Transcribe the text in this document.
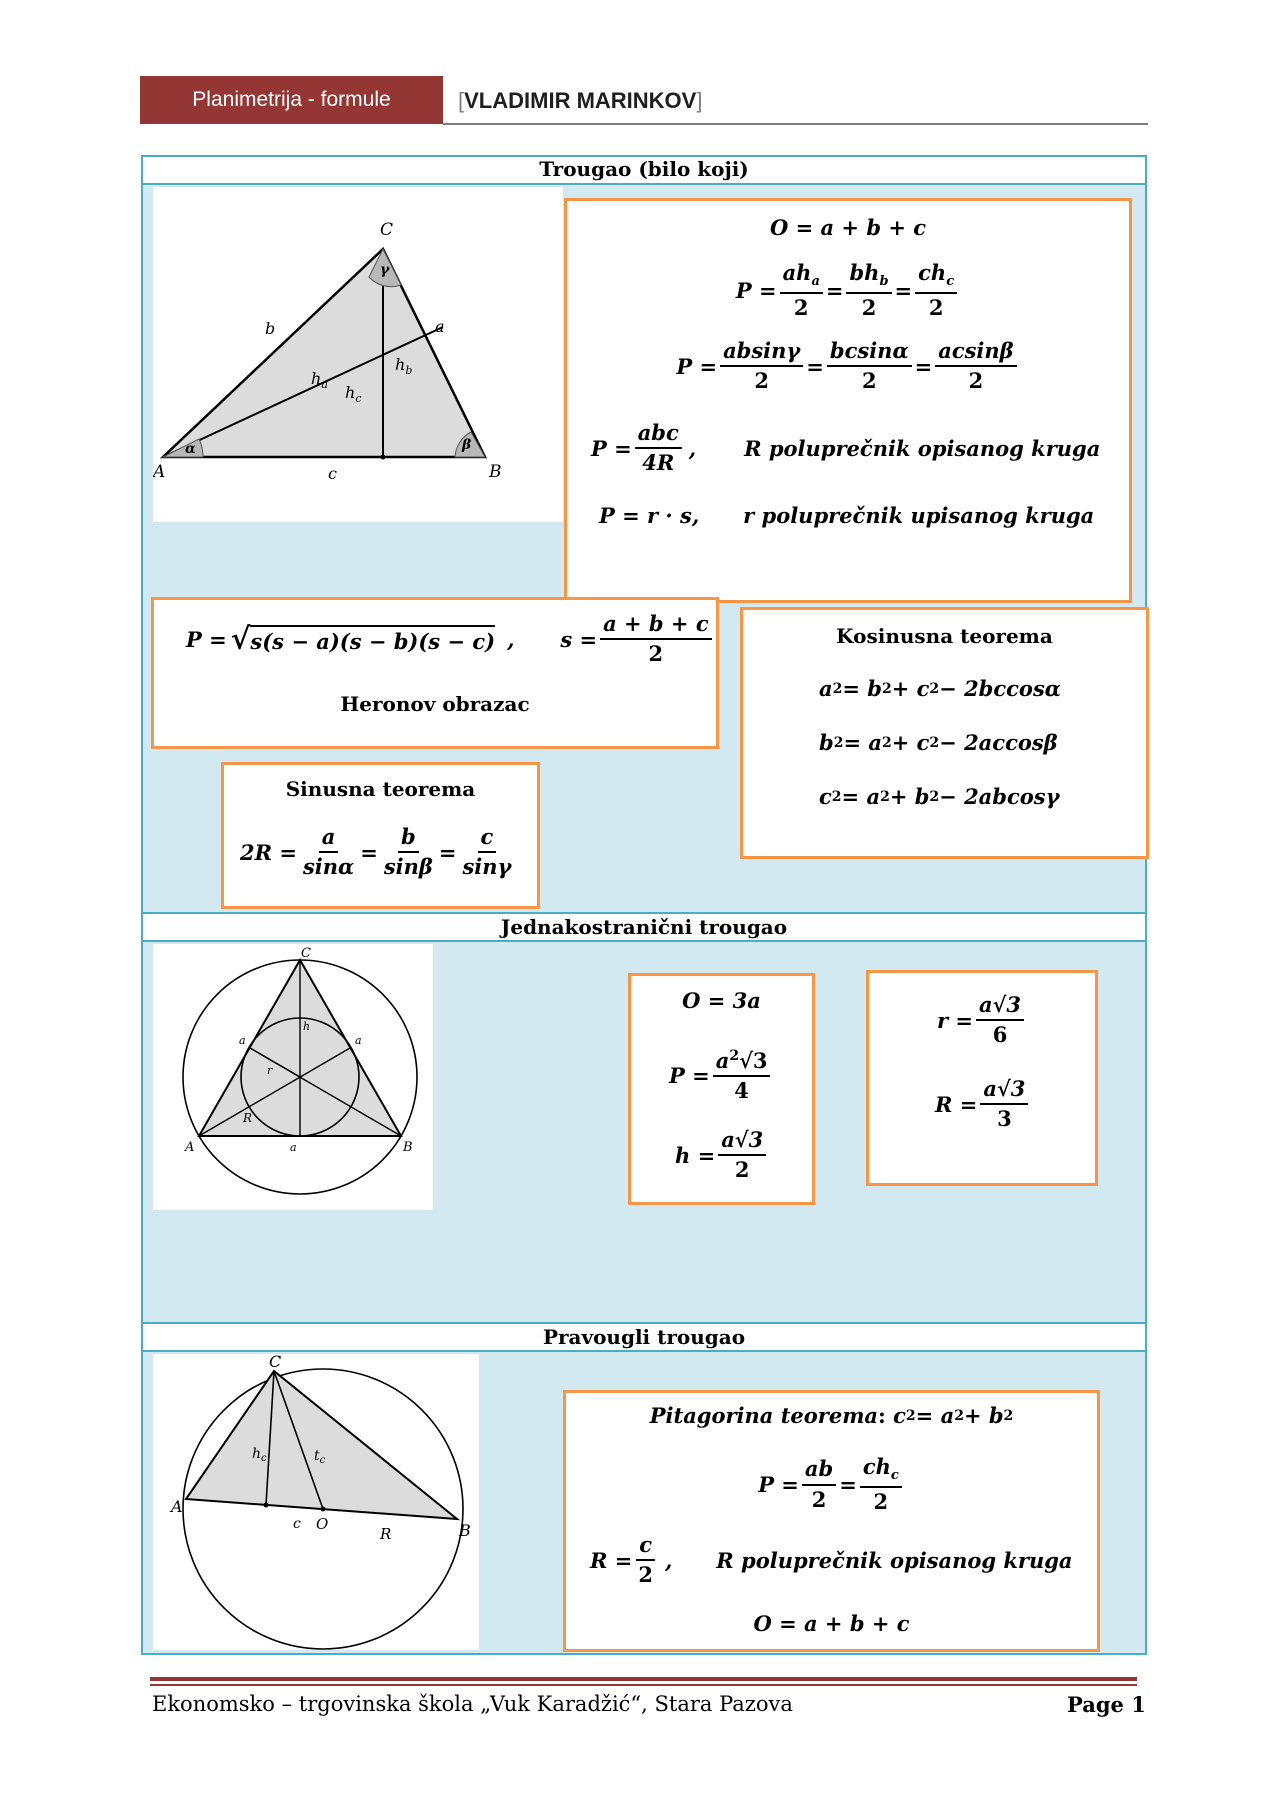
Planimetrija - formule	[VLADIMIR MARINKOV]
Trougao (bilo koji)
Jednakostranični trougao
Pravougli trougao
A	B
C
b	a
c
$h_a$
$h_b$
$h_c$
α	β
γ
O = a + b + c
$P = \frac{ah_a}{2} = \frac{bh_b}{2} = \frac{ch_c}{2}$
$P = \frac{absin\gamma}{2} = \frac{bcsin\alpha}{2} = \frac{acsin\beta}{2}$
$P = \frac{\text{abc}}{4R}$ , R poluprečnik opisanog kruga
P = r · s, r poluprečnik upisanog kruga
P = √ s(s − a)(s − b)(s − c) , $s = \frac{a + b + c}{2}$
Heronov obrazac
Kosinusna teorema
a 2 = b 2 + c 2 − 2bccosα
b 2 = a 2 + c 2 − 2accosβ
c 2 = a 2 + b 2 − 2abcosγ
Sinusna teorema
$2R = \frac{a}{\sin\alpha} = \frac{b}{\sin\beta} = \frac{c}{\sin\gamma}$
C
A	B
a	a
a
h
r
R
O = 3a
$P = \frac{a^2√3}{4}$
$h = \frac{a√3}{2}$
$r = \frac{a√3}{6}$
$R = \frac{a√3}{3}$
C
A
B
$h_c$	$t_c$
c O
R
Pitagorina teorema :
c 2 = a 2 + b 2
$P = \frac{ab}{2} = \frac{ch_c}{2}$
$R = \frac{c}{2}$ , R poluprečnik opisanog kruga
O = a + b + c
Ekonomsko – trgovinska škola „Vuk Karadžić“, Stara Pazova	Page 1
